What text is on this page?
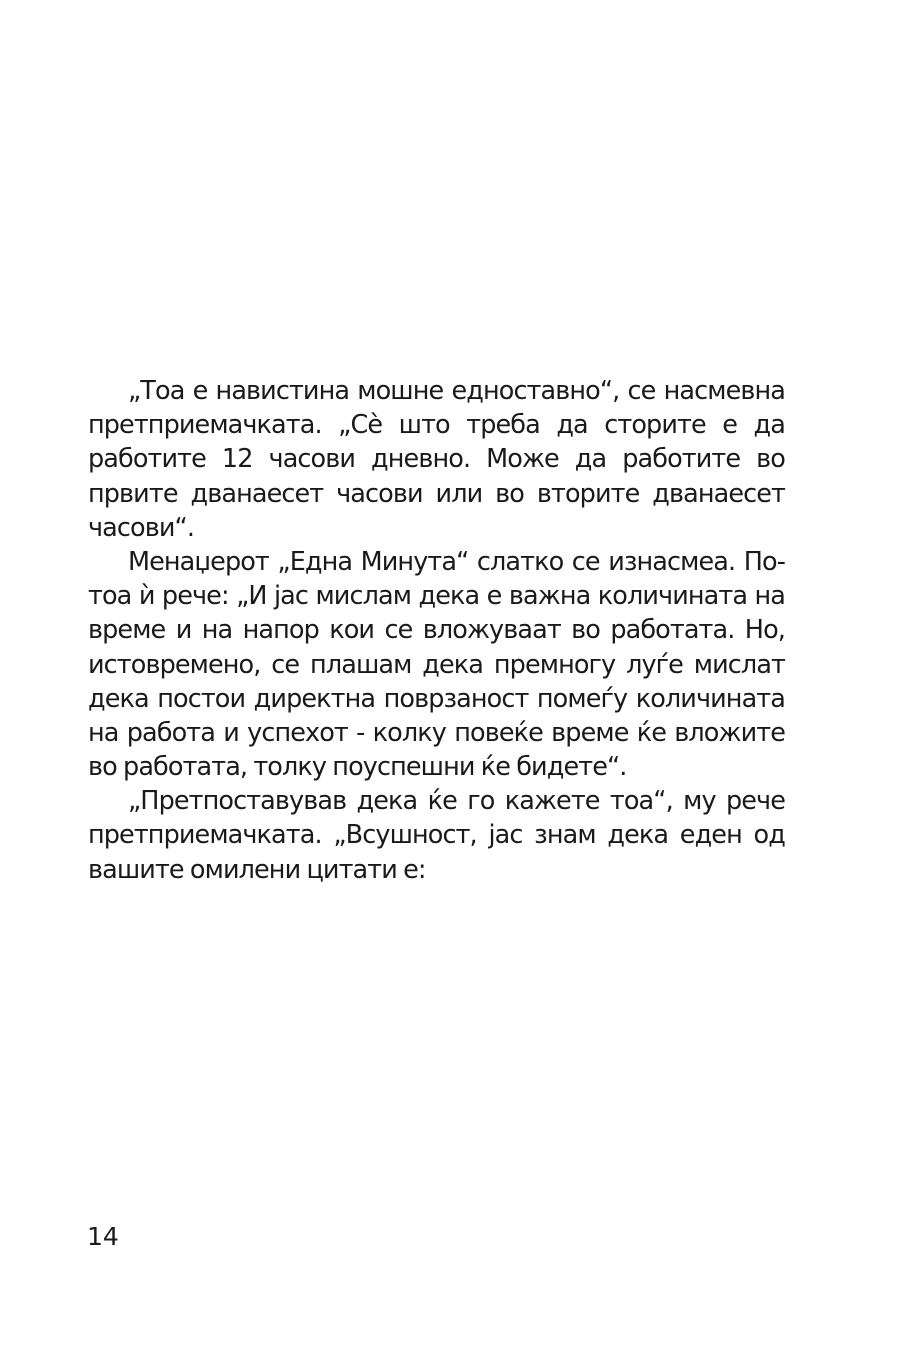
„Тоа е навистина мошне едноставно“, се насмевна
претприемачката. „Сè што треба да сторите е да
работите 12 часови дневно. Може да работите во
првите дванаесет часови или во вторите дванаесет
часови“.
Менаџерот „Една Минута“ слатко се изнасмеа. По-
тоа ѝ рече: „И јас мислам дека е важна количината на
време и на напор кои се вложуваат во работата. Но,
истовремено, се плашам дека премногу луѓе мислат
дека постои директна поврзаност помеѓу количината
на работа и успехот - колку повеќе време ќе вложите
во работата, толку поуспешни ќе бидете“.
„Претпоставував дека ќе го кажете тоа“, му рече
претприемачката. „Всушност, јас знам дека еден од
вашите омилени цитати е:
14
